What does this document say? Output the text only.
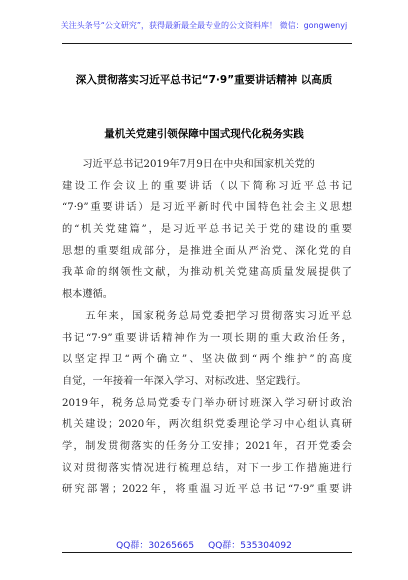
关注头条号“公文研究”，获得最新最全最专业的公文资料库！ 微信：gongwenyj
深入贯彻落实习近平总书记“7·9”重要讲话精神 以高质
量机关党建引领保障中国式现代化税务实践
　　习近平总书记2019年7月9日在中央和国家机关党的
建设工作会议上的重要讲话（以下简称习近平总书记
“7·9”重要讲话）是习近平新时代中国特色社会主义思想
的“机关党建篇”，是习近平总书记关于党的建设的重要
思想的重要组成部分，是推进全面从严治党、深化党的自
我革命的纲领性文献，为推动机关党建高质量发展提供了
根本遵循。
　　五年来，国家税务总局党委把学习贯彻落实习近平总
书记“7·9”重要讲话精神作为一项长期的重大政治任务，
以坚定捍卫“两个确立”、坚决做到“两个维护”的高度
自觉，一年接着一年深入学习、对标改进、坚定践行。
2019年，税务总局党委专门举办研讨班深入学习研讨政治
机关建设；2020年，两次组织党委理论学习中心组认真研
学，制发贯彻落实的任务分工安排；2021年，召开党委会
议对贯彻落实情况进行梳理总结，对下一步工作措施进行
研究部署；2022年，将重温习近平总书记“7·9”重要讲
QQ群：30265665 QQ群：535304092
